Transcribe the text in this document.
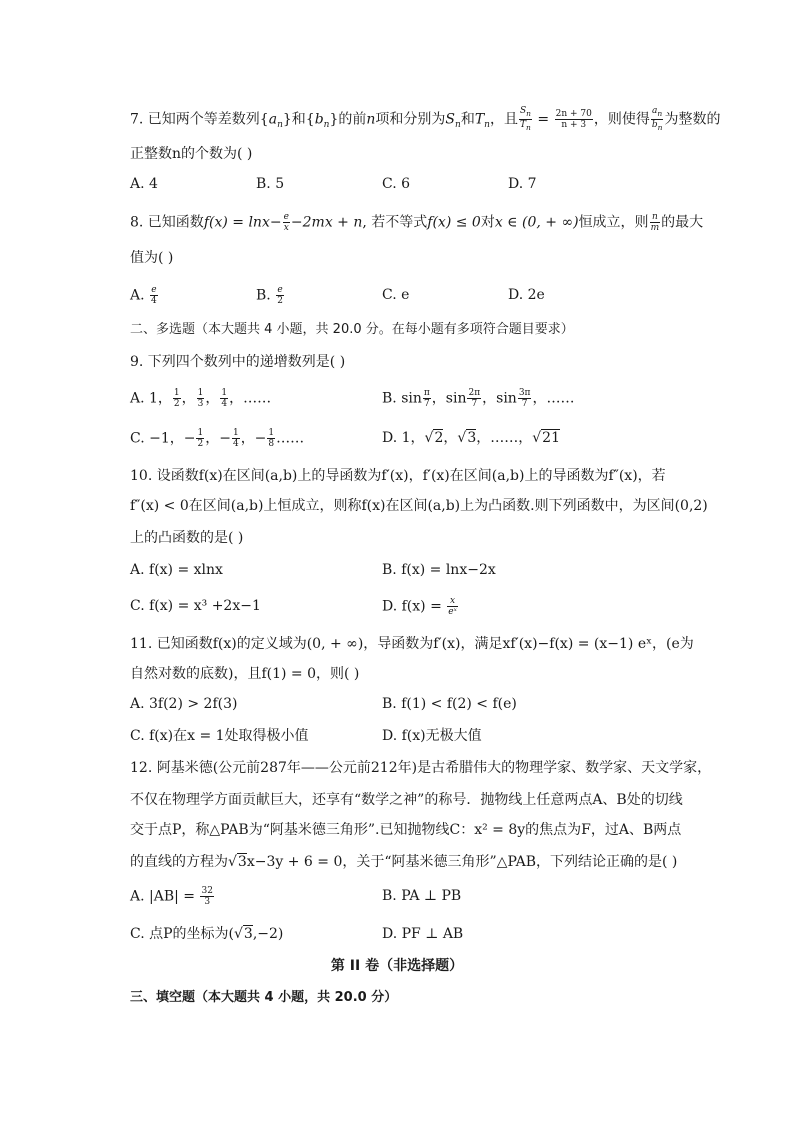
7. 已知两个等差数列$\{a_n\}$和$\{b_n\}$的前n项和分别为$S_n$和$T_n$，且 $\frac{S_n}{T_n} = \frac{2n + 70}{n + 3}$ ，则使得 $\frac{a_n}{b_n}$ 为整数的
正整数n的个数为( )
A. 4	B. 5	C. 6	D. 7
8. 已知函数$f(x) = \ln x- \frac{e}{x} -2mx + n$, 若不等式f(x) ≤ 0对x ∈ (0, + ∞)恒成立，则 $\frac{n}{m}$ 的最大
值为( )
A. $\frac{e}{4}$	B. $\frac{e}{2}$	C. e	D. 2e
二、多选题（本大题共 4 小题，共 20.0 分。在每小题有多项符合题目要求）
9. 下列四个数列中的递增数列是( )
A. 1， $\frac{1}{2}$ ， $\frac{1}{3}$ ， $\frac{1}{4}$ ，……	B. $\sin \frac{\pi}{7}$ ，$\sin \frac{2\pi}{7}$ ，$\sin \frac{3\pi}{7}$ ，……
C. −1，− $\frac{1}{2}$ ，− $\frac{1}{4}$ ，− $\frac{1}{8}$ ……	D. 1，√2，√3，……，√21
10. 设函数f(x)在区间(a,b)上的导函数为f′(x)，f′(x)在区间(a,b)上的导函数为f″(x)，若
f″(x) < 0在区间(a,b)上恒成立，则称f(x)在区间(a,b)上为凸函数.则下列函数中，为区间(0,2)
上的凸函数的是( )
A. f(x) = xlnx	B. f(x) = lnx−2x
C. f(x) = x³ +2x−1	D. $f(x) = \frac{x}{\text{eˣ}}$
11. 已知函数f(x)的定义域为(0, + ∞)，导函数为f′(x)，满足xf′(x)−f(x) = (x−1) eˣ，(e为
自然对数的底数)，且f(1) = 0，则( )
A. 3f(2) > 2f(3)	B. f(1) < f(2) < f(e)
C. f(x)在x = 1处取得极小值	D. f(x)无极大值
12. 阿基米德(公元前287年——公元前212年)是古希腊伟大的物理学家、数学家、天文学家，
不仅在物理学方面贡献巨大，还享有“数学之神”的称号．抛物线上任意两点A、B处的切线
交于点P，称△PAB为“阿基米德三角形”.已知抛物线C：x² = 8y的焦点为F，过A、B两点
的直线的方程为√3x−3y + 6 = 0，关于“阿基米德三角形”△PAB，下列结论正确的是( )
A. $|AB| = \frac{32}{3}$	B. PA ⊥ PB
C. 点P的坐标为(√3,−2)	D. PF ⊥ AB
第 II 卷（非选择题）
三、填空题（本大题共 4 小题，共 20.0 分）
